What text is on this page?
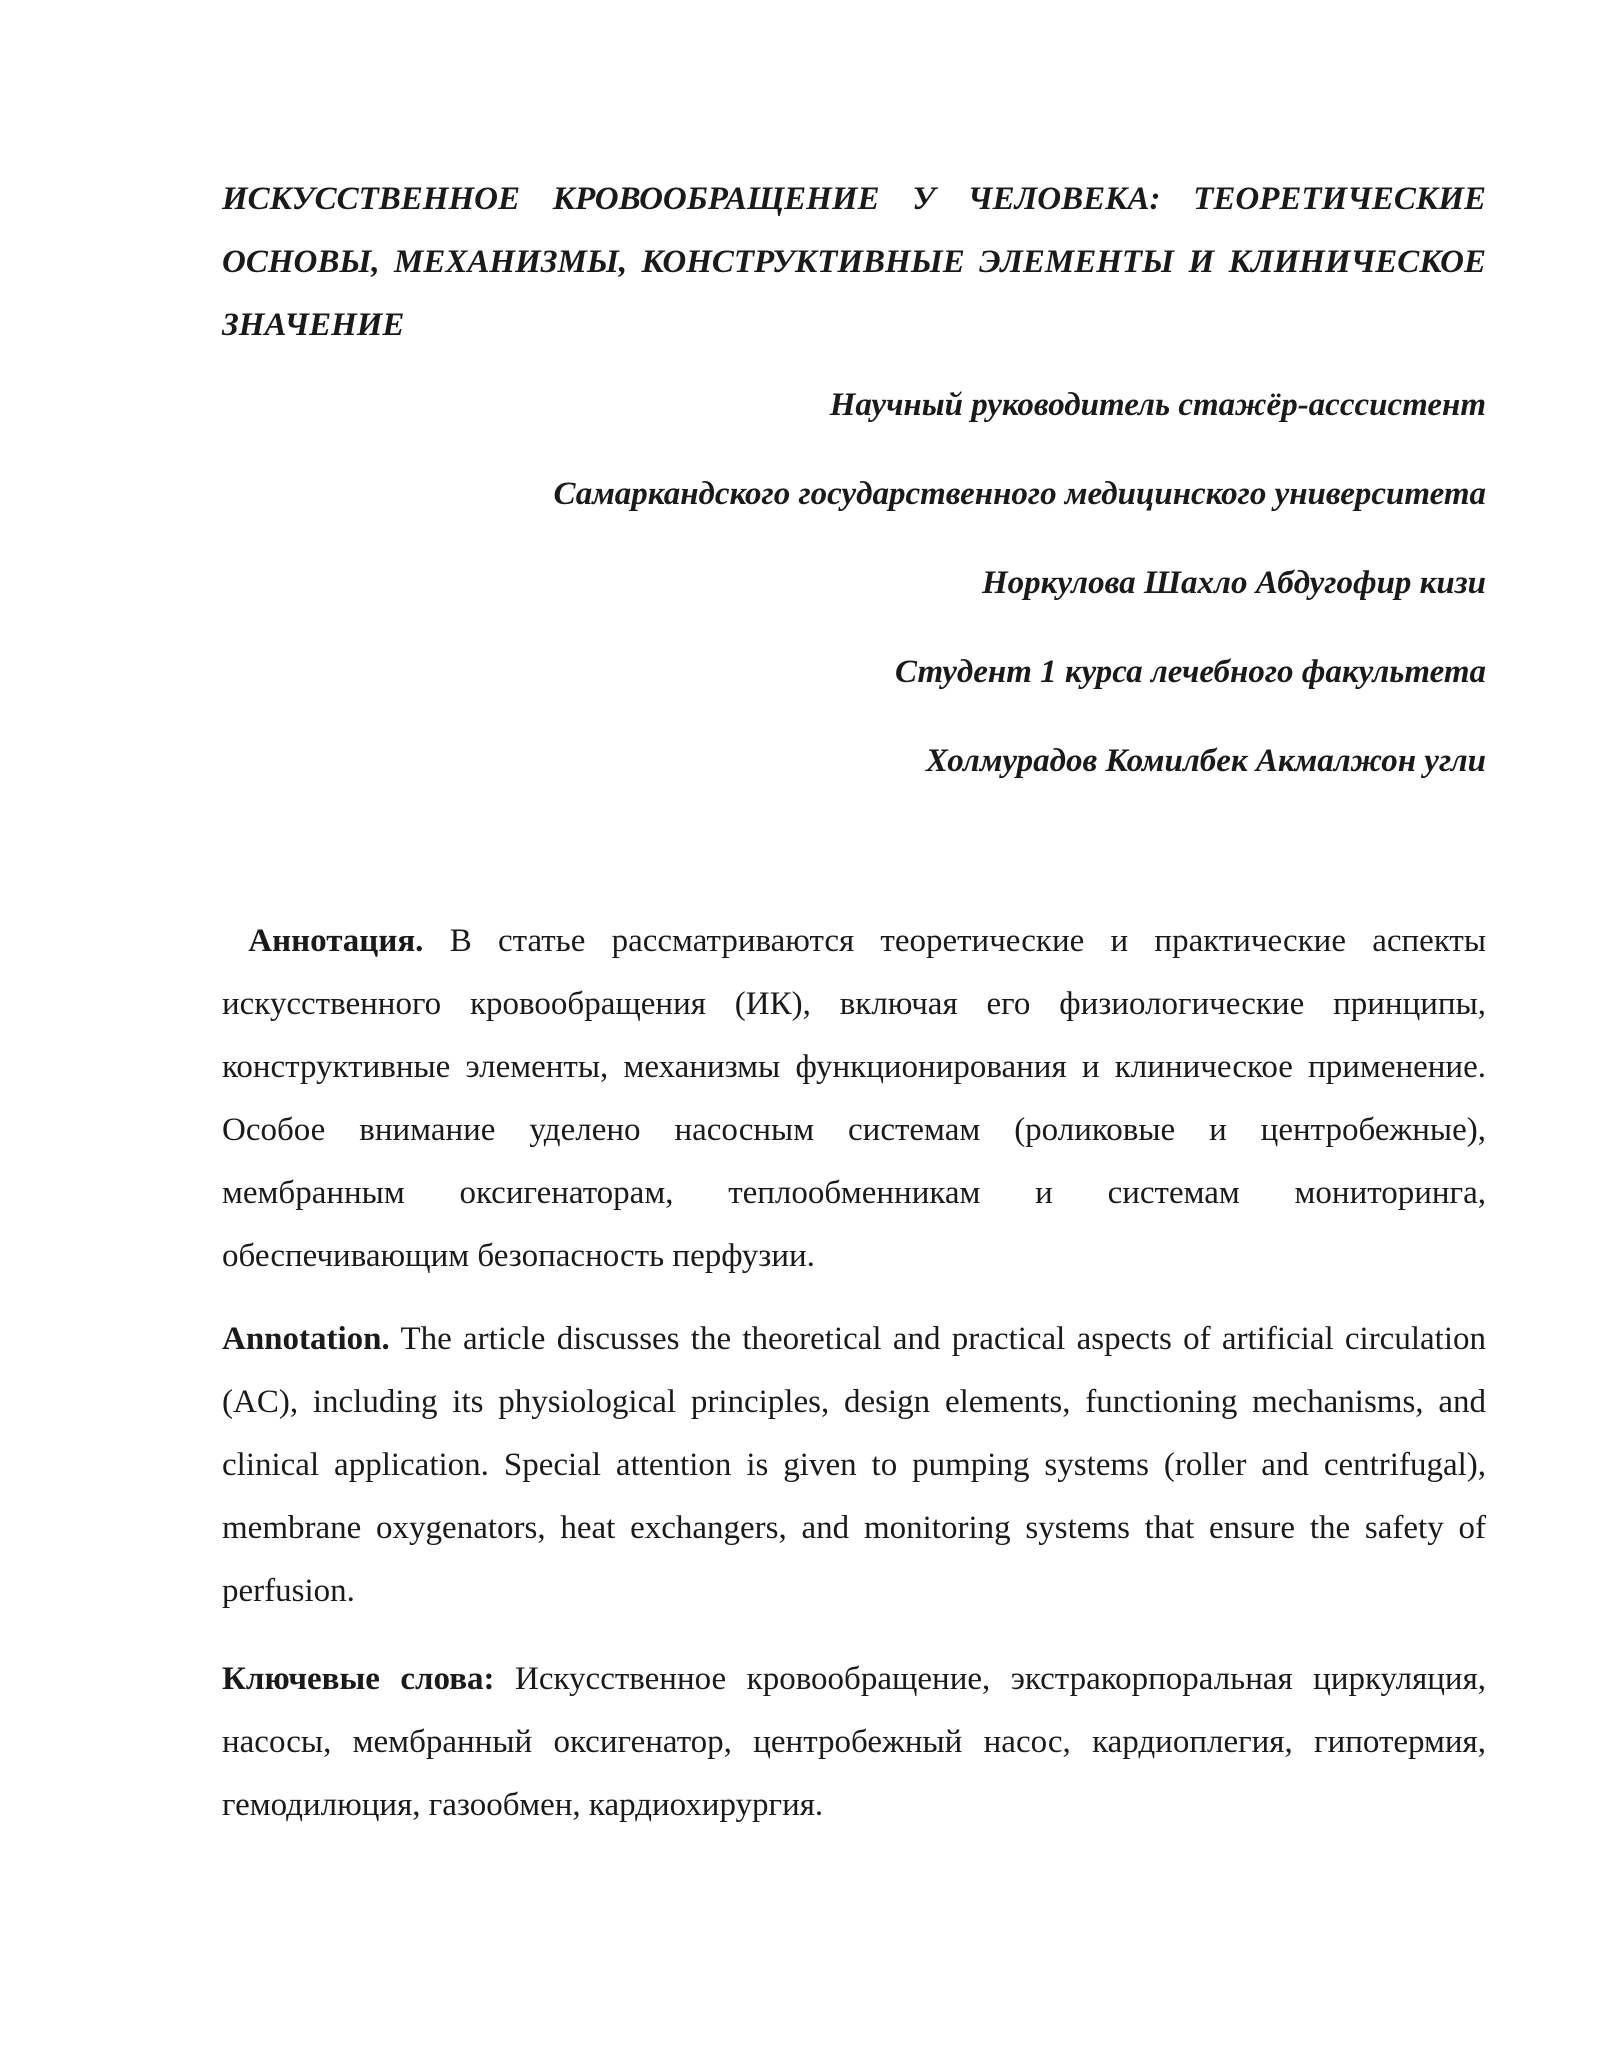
ИСКУССТВЕННОЕ КРОВООБРАЩЕНИЕ У ЧЕЛОВЕКА: ТЕОРЕТИЧЕСКИЕ ОСНОВЫ, МЕХАНИЗМЫ, КОНСТРУКТИВНЫЕ ЭЛЕМЕНТЫ И КЛИНИЧЕСКОЕ ЗНАЧЕНИЕ

Научный руководитель стажёр-асссистент

Самаркандского государственного медицинского университета

Норкулова Шахло Абдугофир кизи

Студент 1 курса лечебного факультета

Холмурадов Комилбек Акмалжон угли

Аннотация. В статье рассматриваются теоретические и практические аспекты искусственного кровообращения (ИК), включая его физиологические принципы, конструктивные элементы, механизмы функционирования и клиническое применение. Особое внимание уделено насосным системам (роликовые и центробежные), мембранным оксигенаторам, теплообменникам и системам мониторинга, обеспечивающим безопасность перфузии.

Annotation. The article discusses the theoretical and practical aspects of artificial circulation (AC), including its physiological principles, design elements, functioning mechanisms, and clinical application. Special attention is given to pumping systems (roller and centrifugal), membrane oxygenators, heat exchangers, and monitoring systems that ensure the safety of perfusion.

Ключевые слова: Искусственное кровообращение, экстракорпоральная циркуляция, насосы, мембранный оксигенатор, центробежный насос, кардиоплегия, гипотермия, гемодилюция, газообмен, кардиохирургия.
